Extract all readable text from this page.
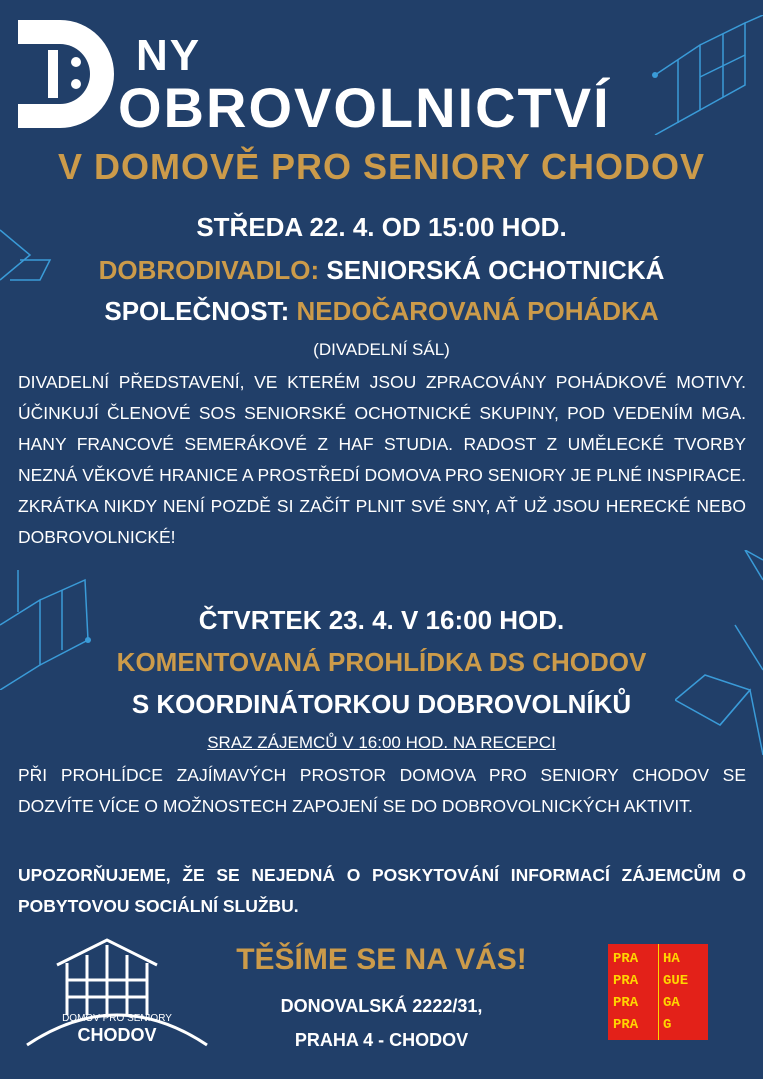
NY
OBROVOLNICTVÍ
V DOMOVĚ PRO SENIORY CHODOV
STŘEDA 22. 4. OD 15:00 HOD.
DOBRODIVADLO: SENIORSKÁ OCHOTNICKÁ
SPOLEČNOST: NEDOČAROVANÁ POHÁDKA
(DIVADELNÍ SÁL)
DIVADELNÍ PŘEDSTAVENÍ, VE KTERÉM JSOU ZPRACOVÁNY POHÁDKOVÉ MOTIVY. ÚČINKUJÍ ČLENOVÉ SOS SENIORSKÉ OCHOTNICKÉ SKUPINY, POD VEDENÍM MGA. HANY FRANCOVÉ SEMERÁKOVÉ Z HAF STUDIA. RADOST Z UMĚLECKÉ TVORBY NEZNÁ VĚKOVÉ HRANICE A PROSTŘEDÍ DOMOVA PRO SENIORY JE PLNÉ INSPIRACE. ZKRÁTKA NIKDY NENÍ POZDĚ SI ZAČÍT PLNIT SVÉ SNY, AŤ UŽ JSOU HERECKÉ NEBO DOBROVOLNICKÉ!
ČTVRTEK 23. 4. V 16:00 HOD.
KOMENTOVANÁ PROHLÍDKA DS CHODOV
S KOORDINÁTORKOU DOBROVOLNÍKŮ
SRAZ ZÁJEMCŮ V 16:00 HOD. NA RECEPCI
PŘI PROHLÍDCE ZAJÍMAVÝCH PROSTOR DOMOVA PRO SENIORY CHODOV SE DOZVÍTE VÍCE O MOŽNOSTECH ZAPOJENÍ SE DO DOBROVOLNICKÝCH AKTIVIT.
UPOZORŇUJEME, ŽE SE NEJEDNÁ O POSKYTOVÁNÍ INFORMACÍ ZÁJEMCŮM O POBYTOVOU SOCIÁLNÍ SLUŽBU.
DOMOV PRO SENIORY
CHODOV
TĚŠÍME SE NA VÁS!
DONOVALSKÁ 2222/31,
PRAHA 4 - CHODOV
PRA
PRA
PRA
PRA
HA
GUE
GA
G
